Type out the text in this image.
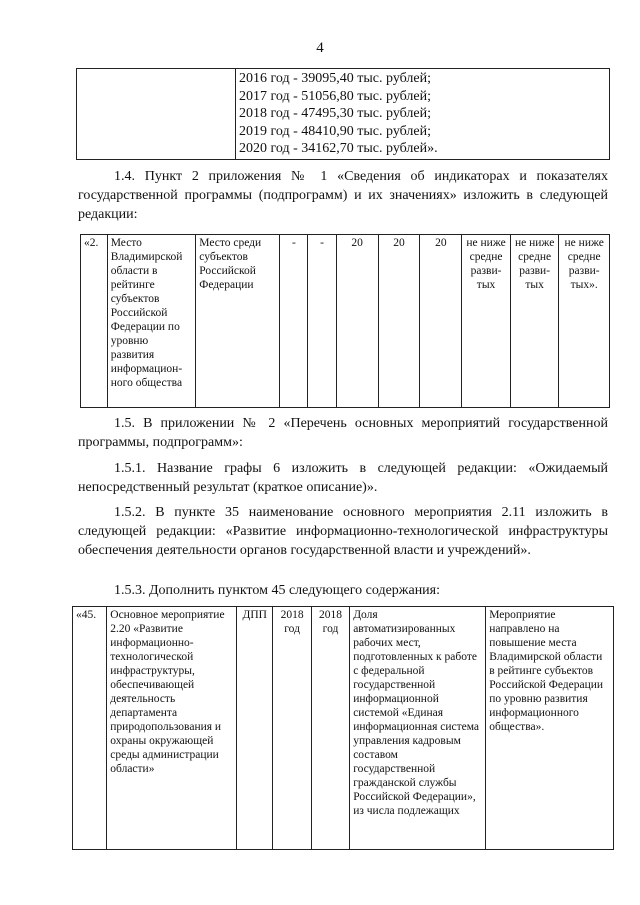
4

2016 год - 39095,40 тыс. рублей;
2017 год - 51056,80 тыс. рублей;
2018 год - 47495,30 тыс. рублей;
2019 год - 48410,90 тыс. рублей;
2020 год - 34162,70 тыс. рублей».

1.4. Пункт 2 приложения № 1 «Сведения об индикаторах и показателях государственной программы (подпрограмм) и их значениях» изложить в следующей редакции:

«2.	Место Владимирской области в рейтинге субъектов Российской Федерации по уровню развития информацион-ного общества	Место среди субъектов Российской Федерации	-	-	20	20	20	не ниже средне разви-тых	не ниже средне разви-тых	не ниже средне разви-тых».

1.5. В приложении № 2 «Перечень основных мероприятий государственной программы, подпрограмм»:

1.5.1. Название графы 6 изложить в следующей редакции: «Ожидаемый непосредственный результат (краткое описание)».

1.5.2. В пункте 35 наименование основного мероприятия 2.11 изложить в следующей редакции: «Развитие информационно-технологической инфраструктуры обеспечения деятельности органов государственной власти и учреждений».

1.5.3. Дополнить пунктом 45 следующего содержания:

«45.	Основное мероприятие 2.20 «Развитие информационно-технологической инфраструктуры, обеспечивающей деятельность департамента природопользования и охраны окружающей среды администрации области»	ДПП	2018 год	2018 год	Доля автоматизированных рабочих мест, подготовленных к работе с федеральной государственной информационной системой «Единая информационная система управления кадровым составом государственной гражданской службы Российской Федерации», из числа подлежащих	Мероприятие направлено на повышение места Владимирской области в рейтинге субъектов Российской Федерации по уровню развития информационного общества».
